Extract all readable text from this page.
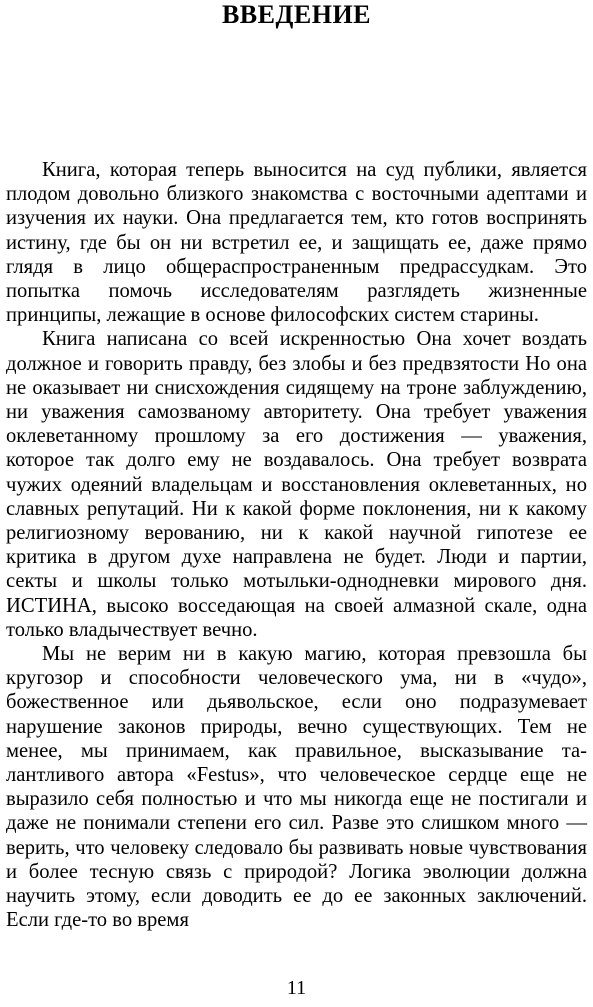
ВВЕДЕНИЕ

Книга, которая теперь выносится на суд публики, является плодом довольно близкого знакомства с восточными адептами и изучения их науки. Она предлагается тем, кто готов воспринять истину, где бы он ни встретил ее, и защищать ее, даже прямо глядя в лицо общераспространенным предрассудкам. Это попытка помочь исследователям разглядеть жизненные принципы, лежащие в основе философских систем старины.

Книга написана со всей искренностью Она хочет воздать должное и говорить правду, без злобы и без предвзятости Но она не оказывает ни снисхождения сидящему на троне заблуждению, ни уважения самозваному авторитету. Она требует уважения оклеветанному прошлому за его достижения — уважения, которое так долго ему не воздавалось. Она требует возврата чужих одеяний владельцам и восстановления оклеветанных, но славных репутаций. Ни к какой форме поклонения, ни к какому религиозному верованию, ни к какой научной гипотезе ее критика в другом духе направлена не будет. Люди и партии, секты и школы только мотыльки-однодневки мирового дня. ИСТИНА, высоко восседающая на своей алмазной скале, одна только владычествует вечно.

Мы не верим ни в какую магию, которая превзошла бы кругозор и способности человеческого ума, ни в «чудо», божественное или дьявольское, если оно подразумевает нарушение законов природы, вечно существующих. Тем не менее, мы принимаем, как правильное, высказывание талантливого автора «Festus», что человеческое сердце еще не выразило себя полностью и что мы никогда еще не постигали и даже не понимали степени его сил. Разве это слишком много — верить, что человеку следовало бы развивать новые чувствования и более тесную связь с природой? Логика эволюции должна научить этому, если доводить ее до ее законных заключений. Если где-то во время

11
